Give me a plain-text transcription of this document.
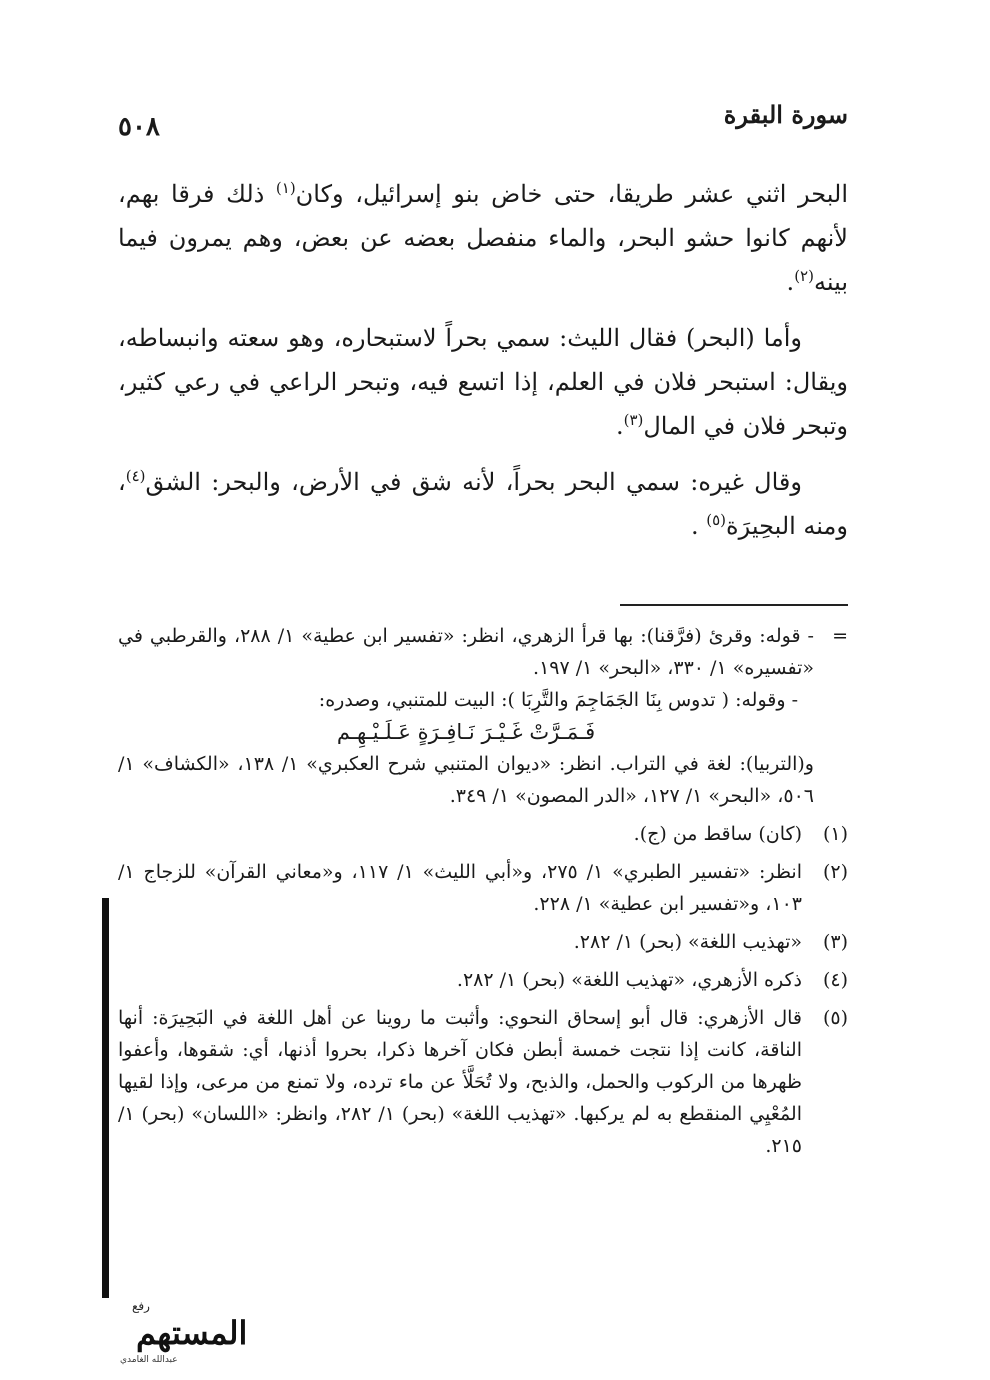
٥٠٨	سورة البقرة

البحر اثني عشر طريقا، حتى خاض بنو إسرائيل، وكان$^{(١)}$ ذلك فرقا بهم، لأنهم كانوا حشو البحر، والماء منفصل بعضه عن بعض، وهم يمرون فيما بينه$^{(٢)}$.

وأما (البحر) فقال الليث: سمي بحراً لاستبحاره، وهو سعته وانبساطه، ويقال: استبحر فلان في العلم، إذا اتسع فيه، وتبحر الراعي في رعي كثير، وتبحر فلان في المال$^{(٣)}$.

وقال غيره: سمي البحر بحراً، لأنه شق في الأرض، والبحر: الشق$^{(٤)}$، ومنه البحِيرَة$^{(٥)}$ .

=

- قوله: وقرئ (فرَّقنا): بها قرأ الزهري، انظر: «تفسير ابن عطية» ١/ ٢٨٨، والقرطبي في «تفسيره» ١/ ٣٣٠، «البحر» ١/ ١٩٧.

- وقوله: ( تدوس بِنَا الجَمَاجِمَ والتَّرِبَا ): البيت للمتنبي، وصدره:

فَـمَـرَّتْ غَـيْـرَ نَـافِـرَةٍ عَـلَـيْـهِـم

و(التربيا): لغة في التراب. انظر: «ديوان المتنبي شرح العكبري» ١/ ١٣٨، «الكشاف» ١/ ٥٠٦، «البحر» ١/ ١٢٧، «الدر المصون» ١/ ٣٤٩.

(١)

(كان) ساقط من (ج).

(٢)

انظر: «تفسير الطبري» ١/ ٢٧٥، و«أبي الليث» ١/ ١١٧، و«معاني القرآن» للزجاج ١/ ١٠٣، و«تفسير ابن عطية» ١/ ٢٢٨.

(٣)

«تهذيب اللغة» (بحر) ١/ ٢٨٢.

(٤)

ذكره الأزهري، «تهذيب اللغة» (بحر) ١/ ٢٨٢.

(٥)

قال الأزهري: قال أبو إسحاق النحوي: وأثبت ما روينا عن أهل اللغة في البَحِيرَة: أنها الناقة، كانت إذا نتجت خمسة أبطن فكان آخرها ذكرا، بحروا أذنها، أي: شقوها، وأعفوا ظهرها من الركوب والحمل، والذبح، ولا تُحَلَّأ عن ماء ترده، ولا تمنع من مرعى، وإذا لقيها المُعْيِي المنقطع به لم يركبها. «تهذيب اللغة» (بحر) ١/ ٢٨٢، وانظر: «اللسان» (بحر) ١/ ٢١٥.

رفع
المستهم
عبدالله الغامدي
